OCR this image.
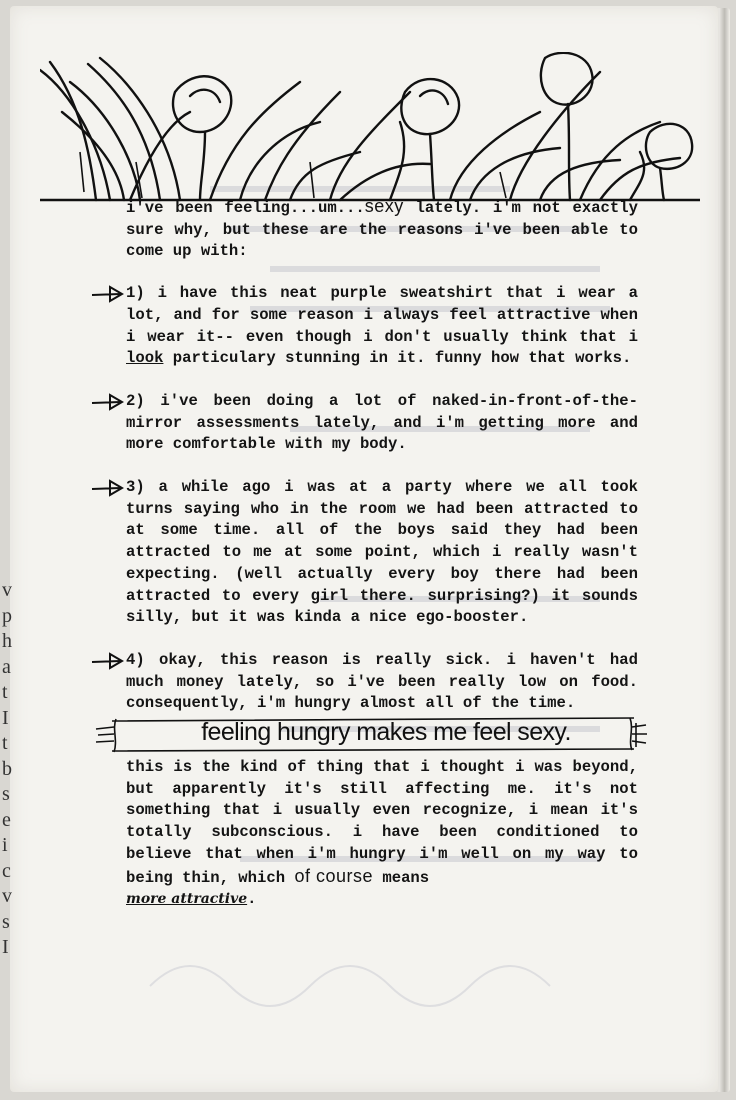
i've been feeling...um...sexy lately. i'm not exactly sure why, but these are the reasons i've been able to come up with:

1) i have this neat purple sweatshirt that i wear a lot, and for some reason i always feel attractive when i wear it-- even though i don't usually think that i look particulary stunning in it. funny how that works.

2) i've been doing a lot of naked-in-front-of-the-mirror assessments lately, and i'm getting more and more comfortable with my body.

3) a while ago i was at a party where we all took turns saying who in the room we had been attracted to at some time. all of the boys said they had been attracted to me at some point, which i really wasn't expecting. (well actually every boy there had been attracted to every girl there. surprising?) it sounds silly, but it was kinda a nice ego-booster.

4) okay, this reason is really sick. i haven't had much money lately, so i've been really low on food. consequently, i'm hungry almost all of the time.

feeling hungry makes me feel sexy.

this is the kind of thing that i thought i was beyond, but apparently it's still affecting me. it's not something that i usually even recognize, i mean it's totally subconscious. i have been conditioned to believe that when i'm hungry i'm well on my way to being thin, which of course means
more attractive.

v
p
h
a
t
I
t
b
s
e
i
c
v
s
I
